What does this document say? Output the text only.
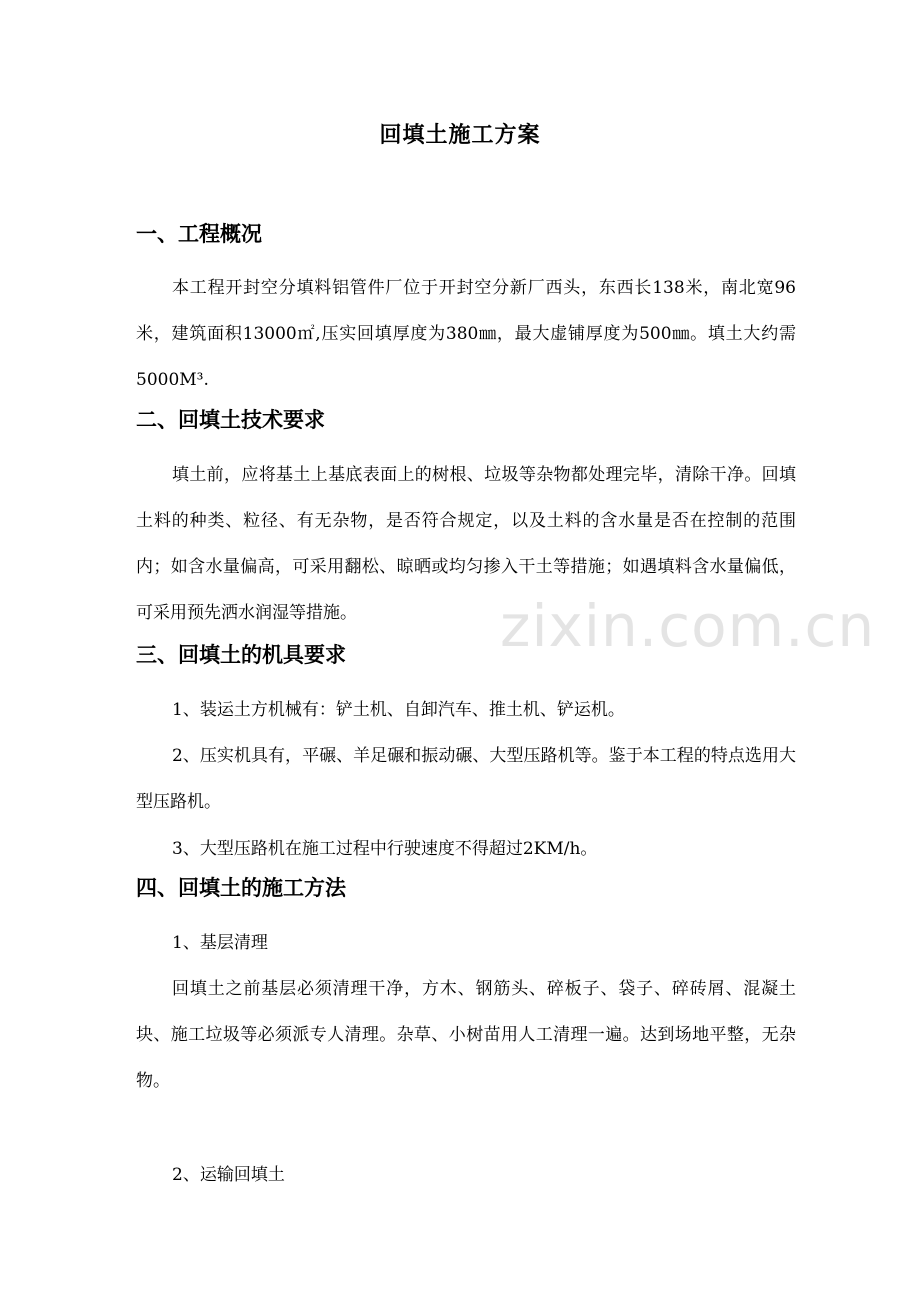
zixin.com.cn
回填土施工方案
一、工程概况
本工程开封空分填料铝管件厂位于开封空分新厂西头，东西长138米，南北宽96米，建筑面积13000㎡,压实回填厚度为380㎜，最大虚铺厚度为500㎜。填土大约需5000M³.
二、回填土技术要求
填土前，应将基土上基底表面上的树根、垃圾等杂物都处理完毕，清除干净。回填土料的种类、粒径、有无杂物，是否符合规定，以及土料的含水量是否在控制的范围内；如含水量偏高，可采用翻松、晾晒或均匀掺入干土等措施；如遇填料含水量偏低，可采用预先洒水润湿等措施。
三、回填土的机具要求
1、装运土方机械有：铲土机、自卸汽车、推土机、铲运机。
2、压实机具有，平碾、羊足碾和振动碾、大型压路机等。鉴于本工程的特点选用大型压路机。
3、大型压路机在施工过程中行驶速度不得超过2KM/h。
四、回填土的施工方法
1、基层清理
回填土之前基层必须清理干净，方木、钢筋头、碎板子、袋子、碎砖屑、混凝土块、施工垃圾等必须派专人清理。杂草、小树苗用人工清理一遍。达到场地平整，无杂物。
2、运输回填土
